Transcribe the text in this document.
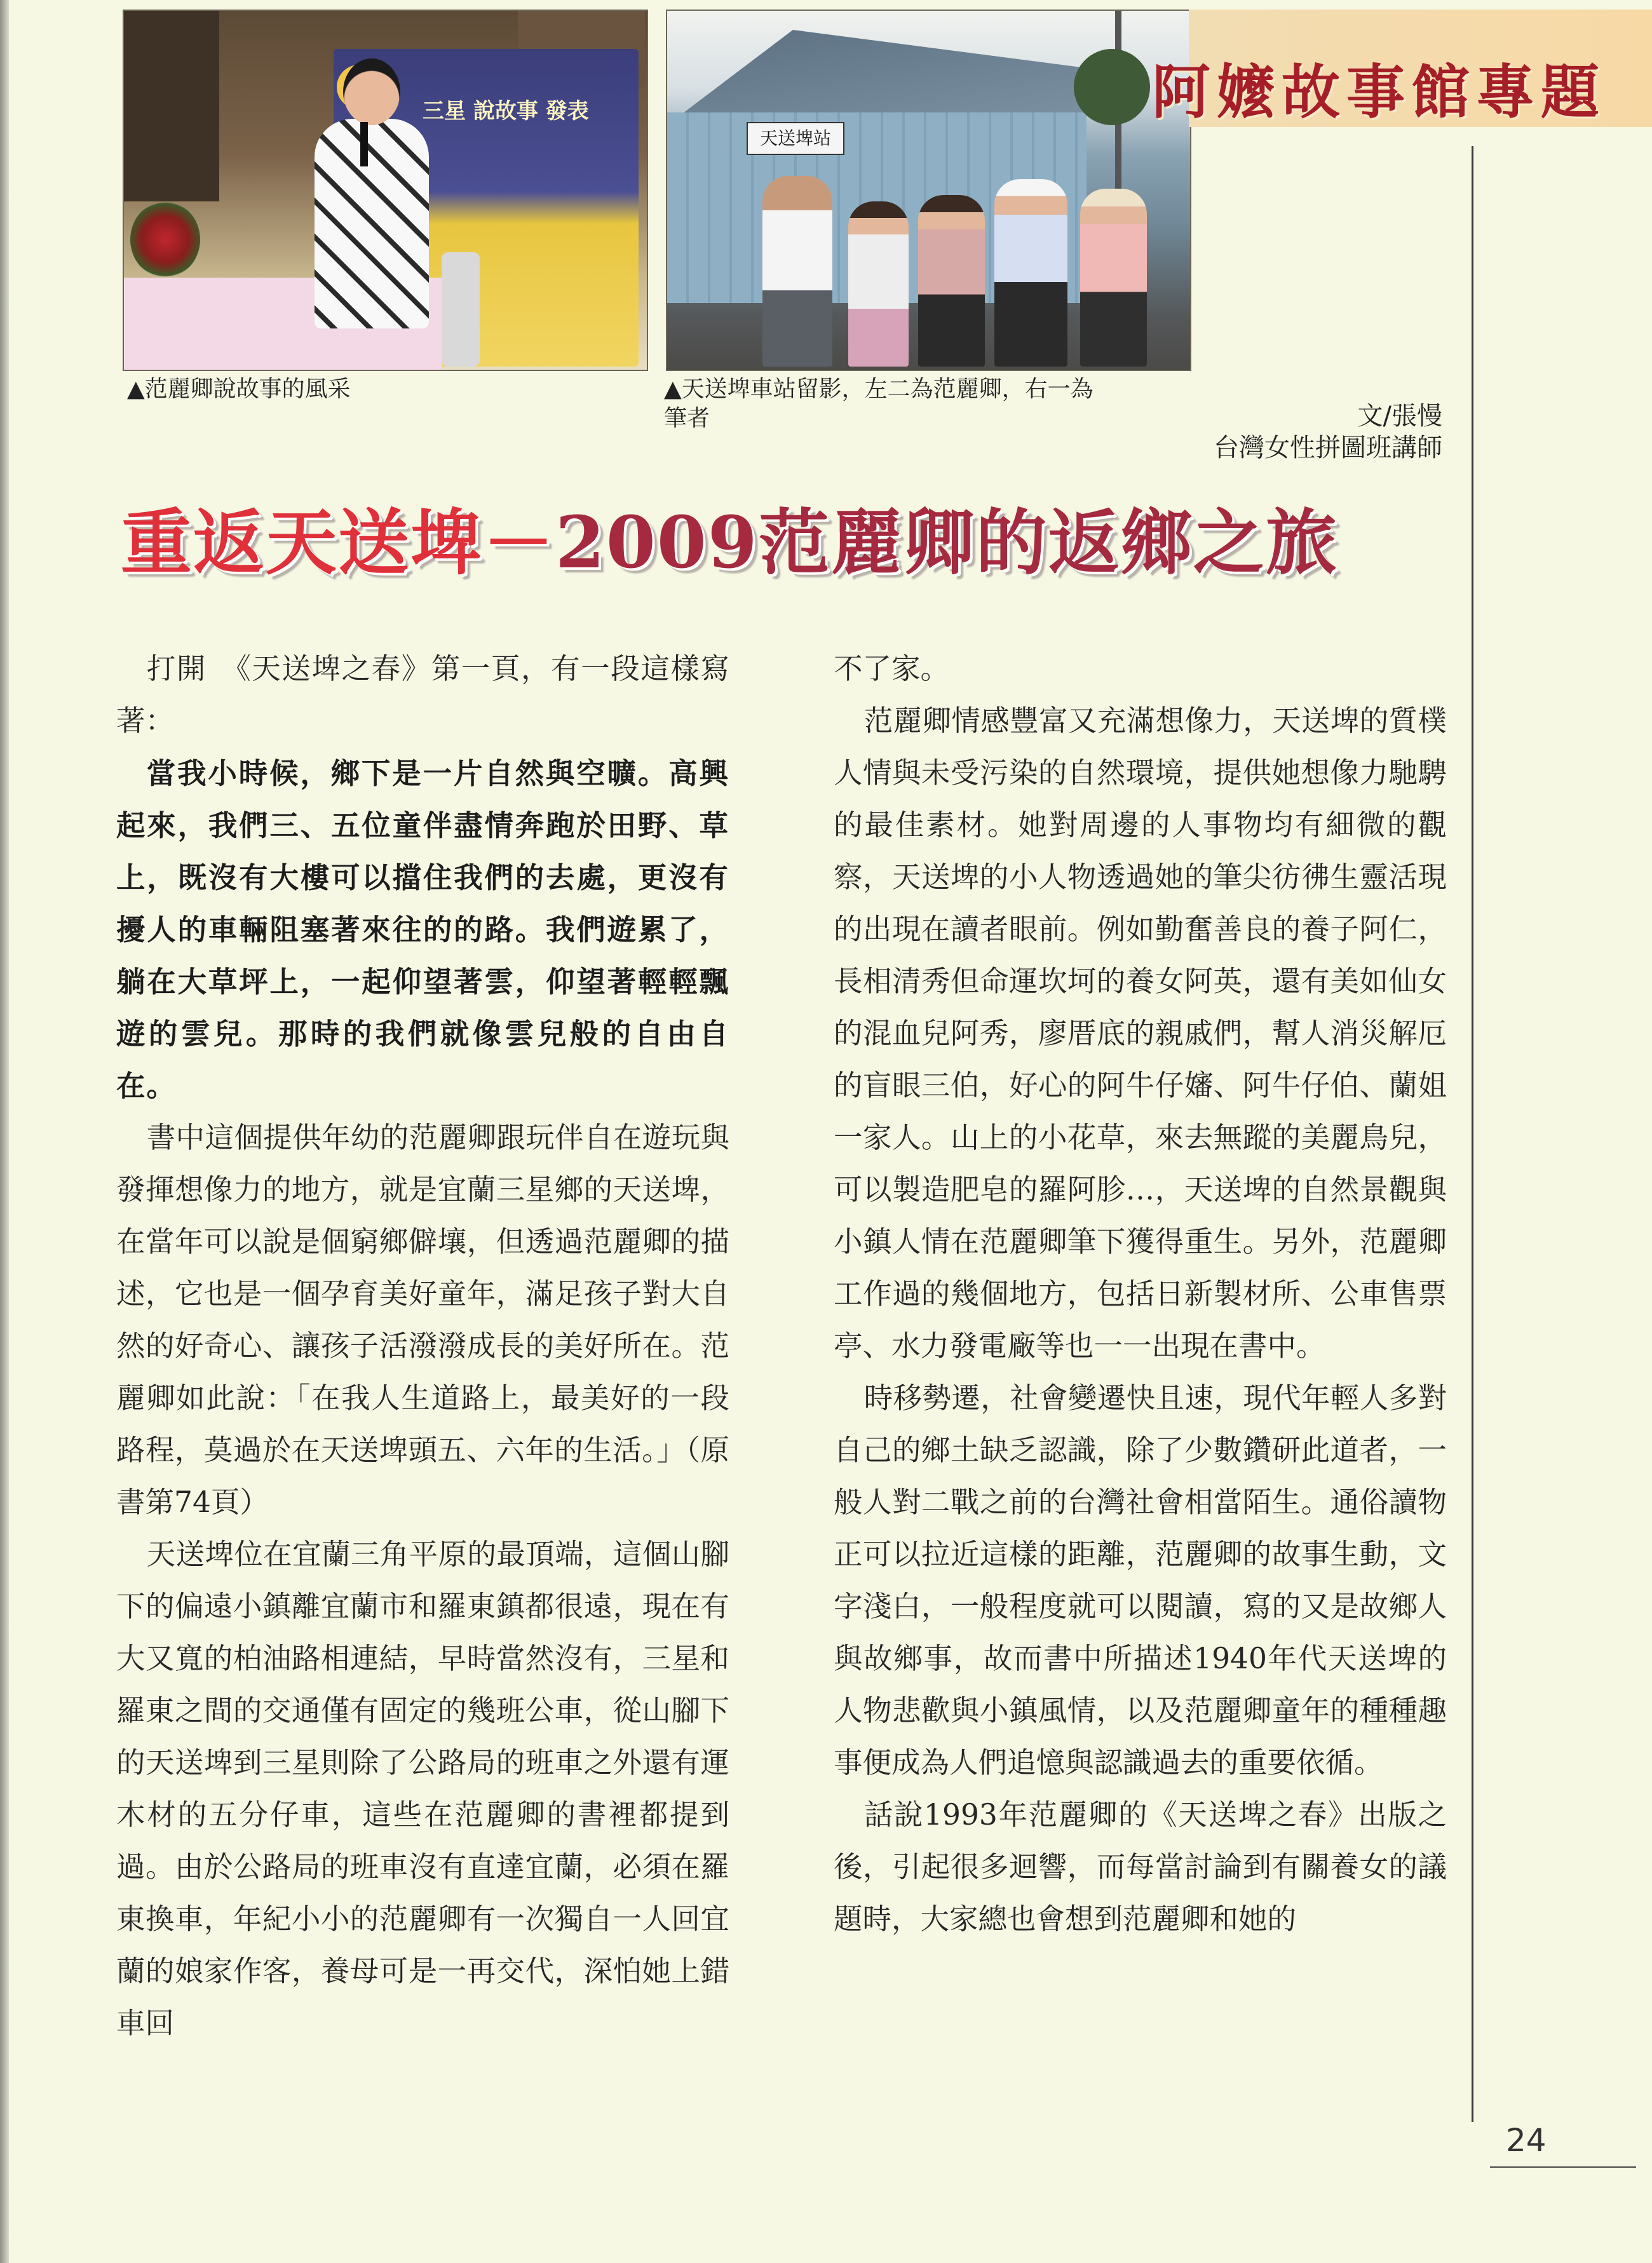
三星 說故事 發表
天送埤站
阿嬤故事館專題
▲范麗卿說故事的風采	▲天送埤車站留影，左二為范麗卿，右一為筆者	文/張慢
台灣女性拼圖班講師
重返天送埤－2009范麗卿的返鄉之旅

打開　《天送埤之春》第一頁，有一段這樣寫著：

當我小時候，鄉下是一片自然與空曠。高興起來，我們三、五位童伴盡情奔跑於田野、草上，既沒有大樓可以擋住我們的去處，更沒有擾人的車輛阻塞著來往的的路。我們遊累了，躺在大草坪上，一起仰望著雲，仰望著輕輕飄遊的雲兒。那時的我們就像雲兒般的自由自在。

書中這個提供年幼的范麗卿跟玩伴自在遊玩與發揮想像力的地方，就是宜蘭三星鄉的天送埤，在當年可以說是個窮鄉僻壤，但透過范麗卿的描述，它也是一個孕育美好童年，滿足孩子對大自然的好奇心、讓孩子活潑潑成長的美好所在。范麗卿如此說：「在我人生道路上，最美好的一段路程，莫過於在天送埤頭五、六年的生活。」（原書第74頁）

天送埤位在宜蘭三角平原的最頂端，這個山腳下的偏遠小鎮離宜蘭市和羅東鎮都很遠，現在有大又寬的柏油路相連結，早時當然沒有，三星和羅東之間的交通僅有固定的幾班公車，從山腳下的天送埤到三星則除了公路局的班車之外還有運木材的五分仔車，這些在范麗卿的書裡都提到過。由於公路局的班車沒有直達宜蘭，必須在羅東換車，年紀小小的范麗卿有一次獨自一人回宜蘭的娘家作客，養母可是一再交代，深怕她上錯車回

不了家。

范麗卿情感豐富又充滿想像力，天送埤的質樸人情與未受污染的自然環境，提供她想像力馳騁的最佳素材。她對周邊的人事物均有細微的觀察，天送埤的小人物透過她的筆尖彷彿生靈活現的出現在讀者眼前。例如勤奮善良的養子阿仁，長相清秀但命運坎坷的養女阿英，還有美如仙女的混血兒阿秀，廖厝底的親戚們，幫人消災解厄的盲眼三伯，好心的阿牛仔嬸、阿牛仔伯、蘭姐一家人。山上的小花草，來去無蹤的美麗鳥兒，可以製造肥皂的羅阿胗…，天送埤的自然景觀與小鎮人情在范麗卿筆下獲得重生。另外，范麗卿工作過的幾個地方，包括日新製材所、公車售票亭、水力發電廠等也一一出現在書中。

時移勢遷，社會變遷快且速，現代年輕人多對自己的鄉土缺乏認識，除了少數鑽研此道者，一般人對二戰之前的台灣社會相當陌生。通俗讀物正可以拉近這樣的距離，范麗卿的故事生動，文字淺白，一般程度就可以閱讀，寫的又是故鄉人與故鄉事，故而書中所描述1940年代天送埤的人物悲歡與小鎮風情，以及范麗卿童年的種種趣事便成為人們追憶與認識過去的重要依循。

話說1993年范麗卿的《天送埤之春》出版之後，引起很多迴響，而每當討論到有關養女的議題時，大家總也會想到范麗卿和她的

24
